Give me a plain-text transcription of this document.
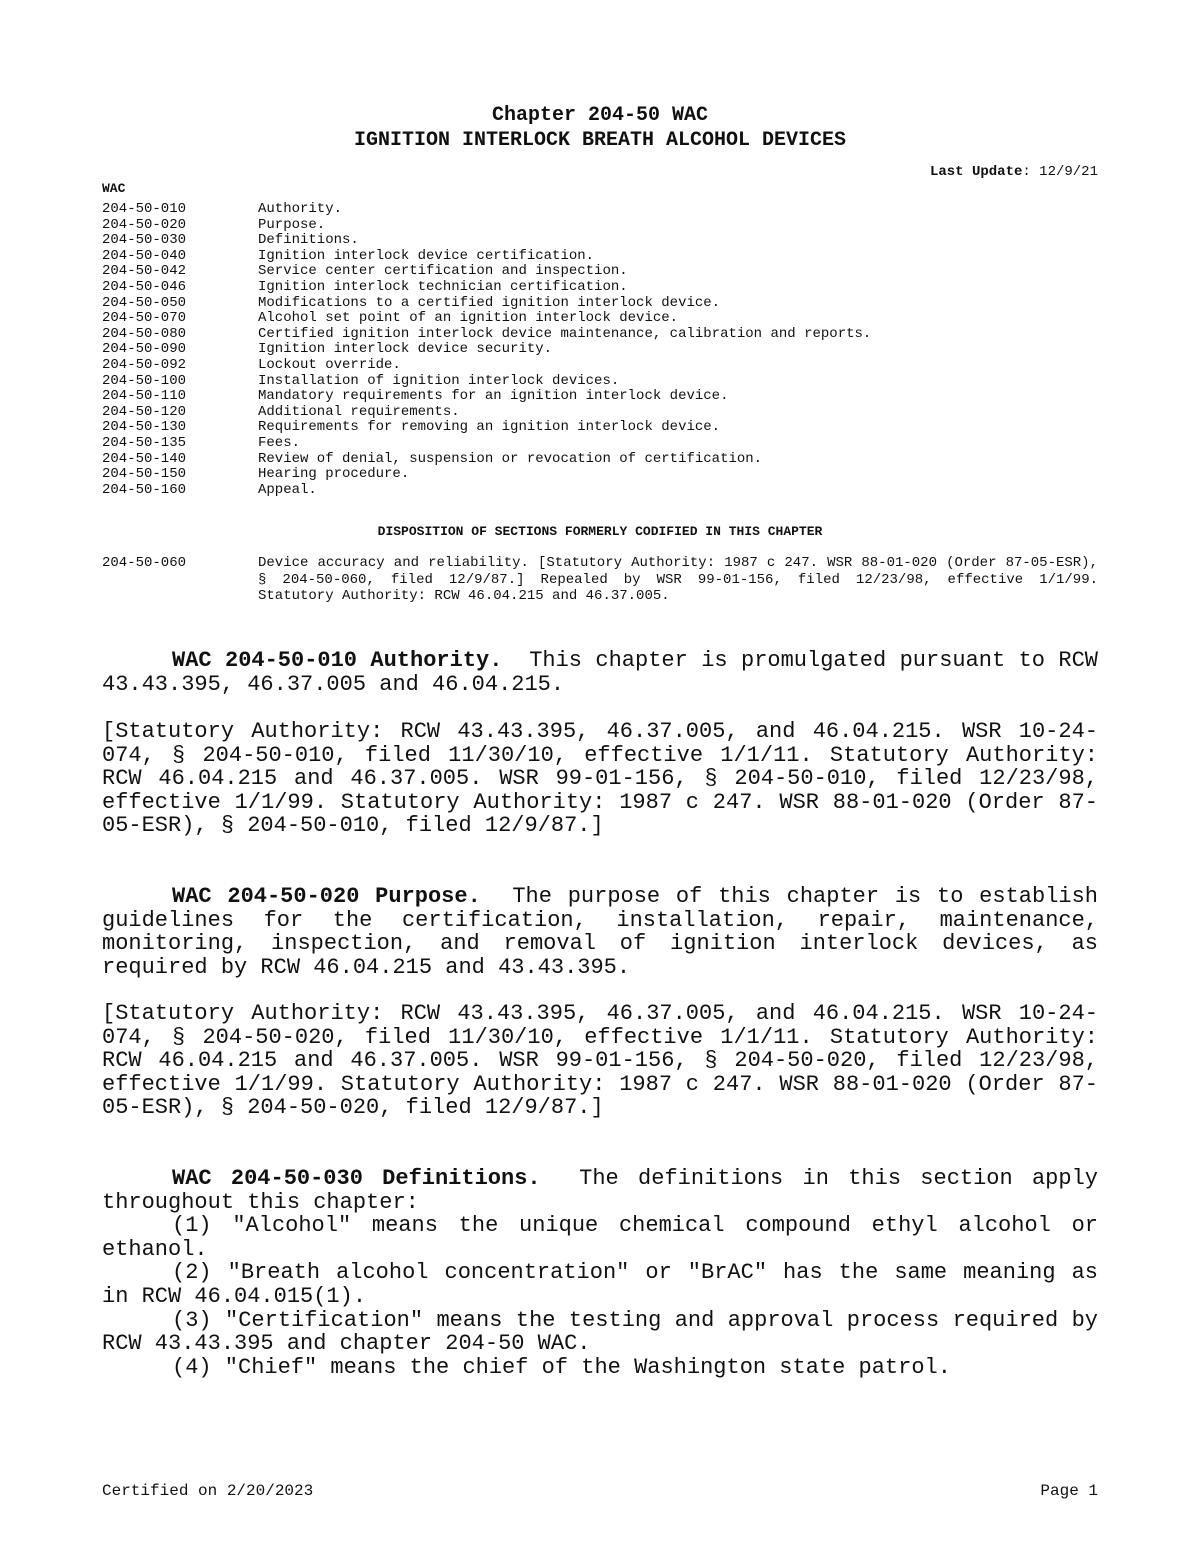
Chapter 204-50 WAC
IGNITION INTERLOCK BREATH ALCOHOL DEVICES
Last Update: 12/9/21
WAC
204-50-010	Authority.
204-50-020	Purpose.
204-50-030	Definitions.
204-50-040	Ignition interlock device certification.
204-50-042	Service center certification and inspection.
204-50-046	Ignition interlock technician certification.
204-50-050	Modifications to a certified ignition interlock device.
204-50-070	Alcohol set point of an ignition interlock device.
204-50-080	Certified ignition interlock device maintenance, calibration and reports.
204-50-090	Ignition interlock device security.
204-50-092	Lockout override.
204-50-100	Installation of ignition interlock devices.
204-50-110	Mandatory requirements for an ignition interlock device.
204-50-120	Additional requirements.
204-50-130	Requirements for removing an ignition interlock device.
204-50-135	Fees.
204-50-140	Review of denial, suspension or revocation of certification.
204-50-150	Hearing procedure.
204-50-160	Appeal.
DISPOSITION OF SECTIONS FORMERLY CODIFIED IN THIS CHAPTER
204-50-060	Device accuracy and reliability. [Statutory Authority: 1987 c 247. WSR 88-01-020 (Order 87-05-ESR), § 204-50-060, filed 12/9/87.] Repealed by WSR 99-01-156, filed 12/23/98, effective 1/1/99. Statutory Authority: RCW 46.04.215 and 46.37.005.

WAC 204-50-010 Authority. This chapter is promulgated pursuant to RCW 43.43.395, 46.37.005 and 46.04.215.

[Statutory Authority: RCW 43.43.395, 46.37.005, and 46.04.215. WSR 10-24-074, § 204-50-010, filed 11/30/10, effective 1/1/11. Statutory Authority: RCW 46.04.215 and 46.37.005. WSR 99-01-156, § 204-50-010, filed 12/23/98, effective 1/1/99. Statutory Authority: 1987 c 247. WSR 88-01-020 (Order 87-05-ESR), § 204-50-010, filed 12/9/87.]

WAC 204-50-020 Purpose. The purpose of this chapter is to establish guidelines for the certification, installation, repair, maintenance, monitoring, inspection, and removal of ignition interlock devices, as required by RCW 46.04.215 and 43.43.395.

[Statutory Authority: RCW 43.43.395, 46.37.005, and 46.04.215. WSR 10-24-074, § 204-50-020, filed 11/30/10, effective 1/1/11. Statutory Authority: RCW 46.04.215 and 46.37.005. WSR 99-01-156, § 204-50-020, filed 12/23/98, effective 1/1/99. Statutory Authority: 1987 c 247. WSR 88-01-020 (Order 87-05-ESR), § 204-50-020, filed 12/9/87.]

WAC 204-50-030 Definitions. The definitions in this section apply throughout this chapter:

(1) "Alcohol" means the unique chemical compound ethyl alcohol or ethanol.

(2) "Breath alcohol concentration" or "BrAC" has the same meaning as in RCW 46.04.015(1).

(3) "Certification" means the testing and approval process required by RCW 43.43.395 and chapter 204-50 WAC.

(4) "Chief" means the chief of the Washington state patrol.

Certified on 2/20/2023	Page 1
